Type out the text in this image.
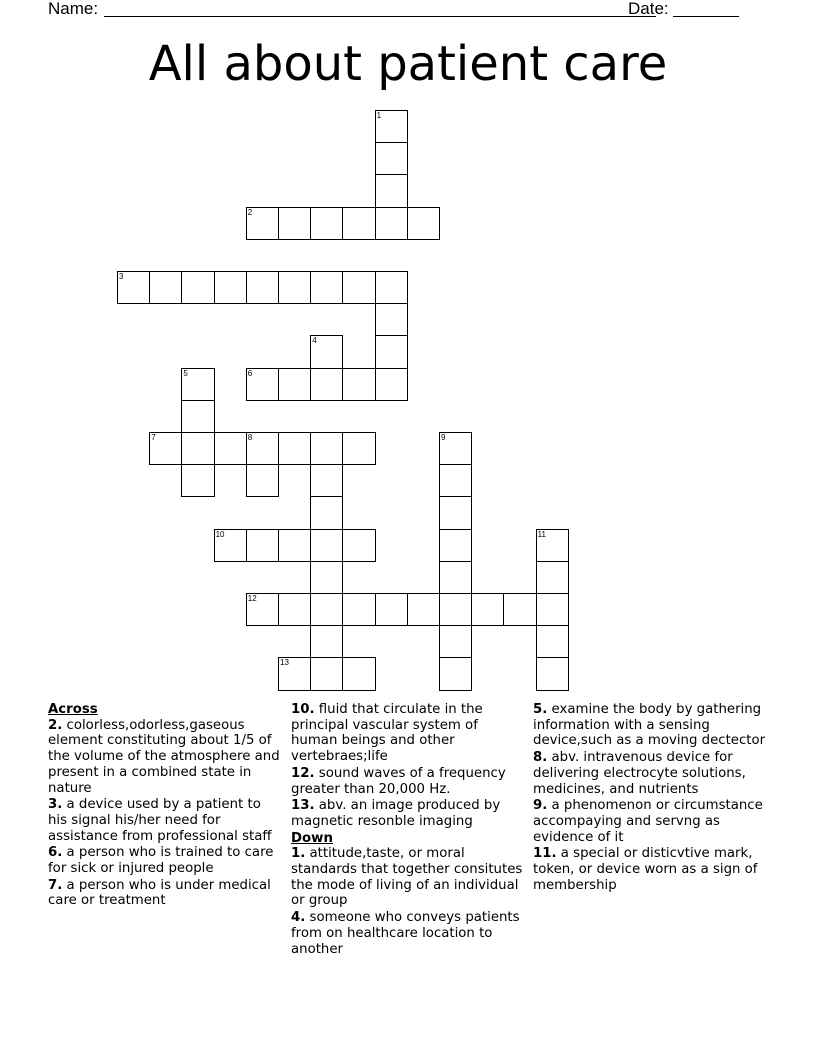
Name:	Date:
All about patient care
1
2
3
4
5	6
7	8	9
10	11
12
13
Across
2. colorless,odorless,gaseous element constituting about 1/5 of the volume of the atmosphere and present in a combined state in nature
3. a device used by a patient to his signal his/her need for assistance from professional staff
6. a person who is trained to care for sick or injured people
7. a person who is under medical care or treatment
10. fluid that circulate in the principal vascular system of human beings and other vertebraes;life
12. sound waves of a frequency greater than 20,000 Hz.
13. abv. an image produced by magnetic resonble imaging
Down
1. attitude,taste, or moral standards that together consitutes the mode of living of an individual or group
4. someone who conveys patients from on healthcare location to another
5. examine the body by gathering information with a sensing device,such as a moving dectector
8. abv. intravenous device for delivering electrocyte solutions, medicines, and nutrients
9. a phenomenon or circumstance accompaying and servng as evidence of it
11. a special or disticvtive mark, token, or device worn as a sign of membership
